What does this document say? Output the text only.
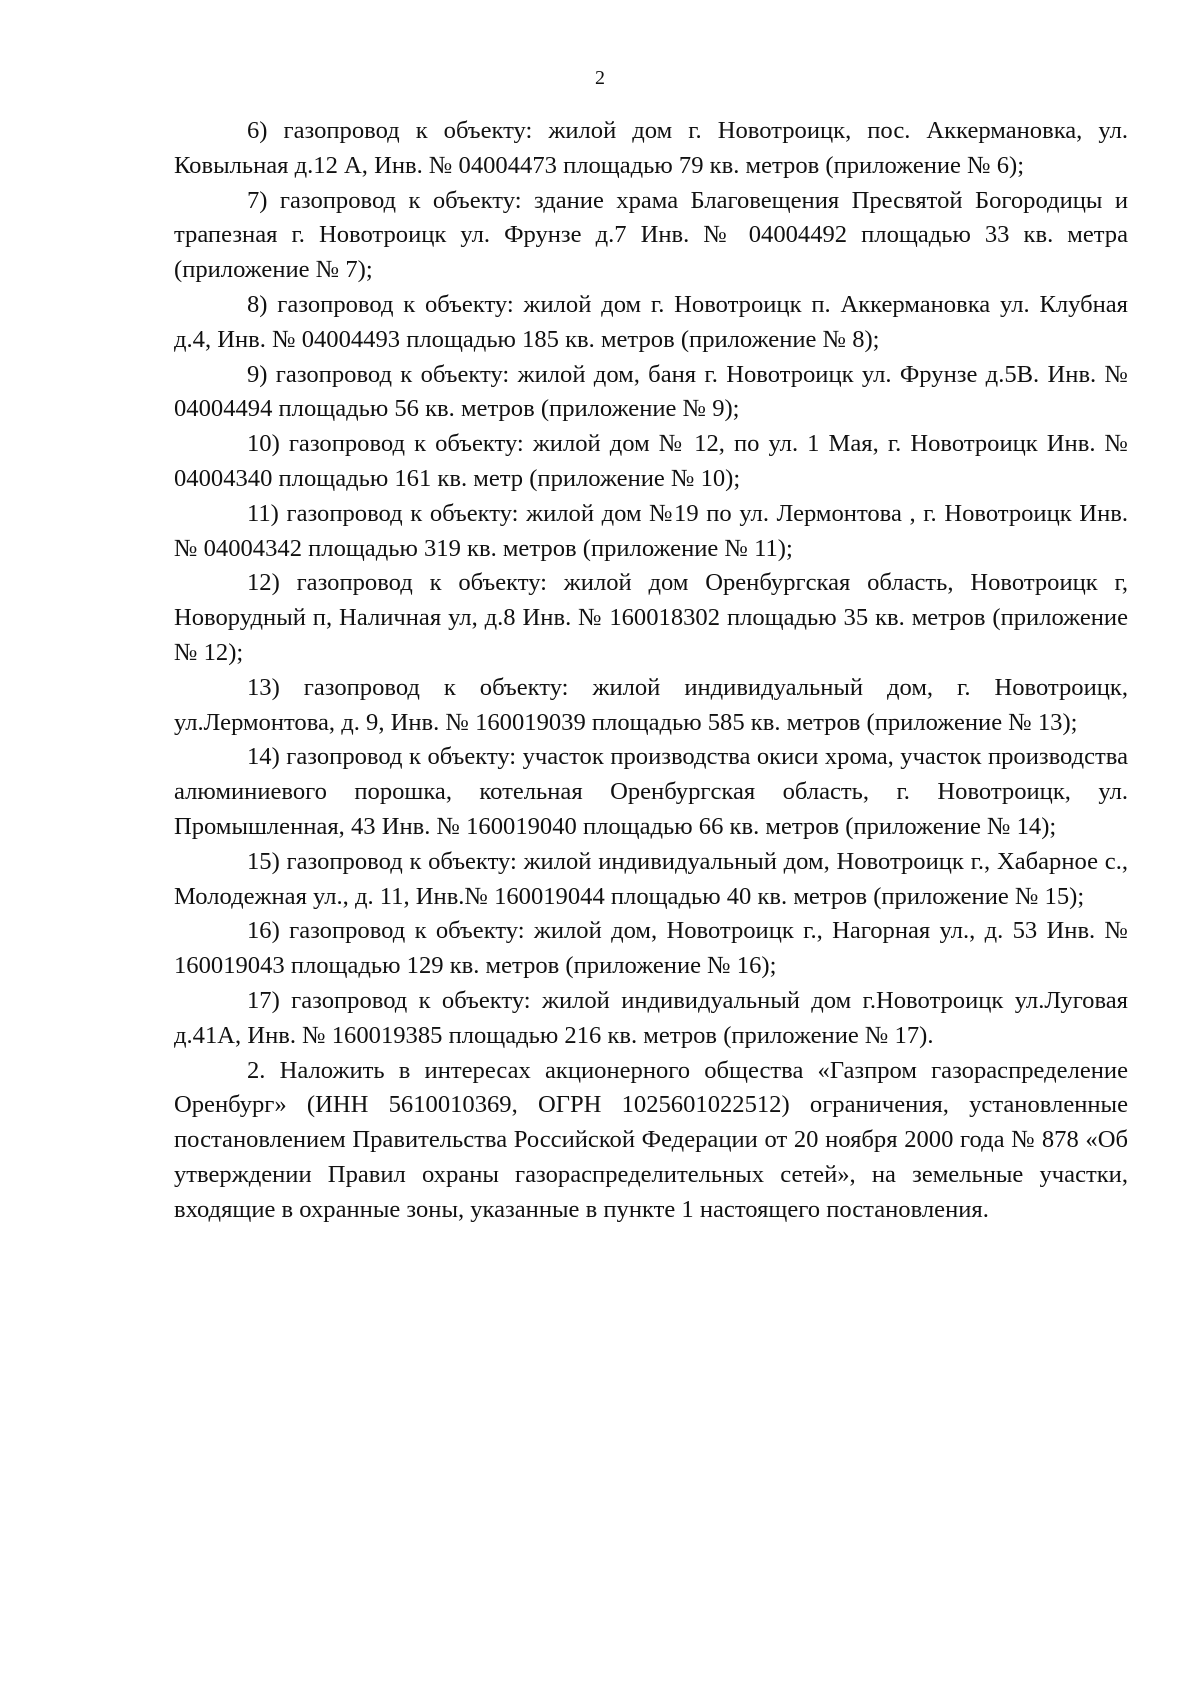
2

6) газопровод к объекту: жилой дом г. Новотроицк, пос. Аккермановка, ул. Ковыльная д.12 А, Инв. № 04004473 площадью 79 кв. метров (приложение № 6);

7) газопровод к объекту: здание храма Благовещения Пресвятой Богородицы и трапезная г. Новотроицк ул. Фрунзе д.7 Инв. № 04004492 площадью 33 кв. метра (приложение № 7);

8) газопровод к объекту: жилой дом г. Новотроицк п. Аккермановка ул. Клубная д.4, Инв. № 04004493 площадью 185 кв. метров (приложение № 8);

9) газопровод к объекту: жилой дом, баня г. Новотроицк ул. Фрунзе д.5В. Инв. № 04004494 площадью 56 кв. метров (приложение № 9);

10) газопровод к объекту: жилой дом № 12, по ул. 1 Мая, г. Новотроицк Инв. № 04004340 площадью 161 кв. метр (приложение № 10);

11) газопровод к объекту: жилой дом №19 по ул. Лермонтова , г. Новотроицк Инв. № 04004342 площадью 319 кв. метров (приложение № 11);

12) газопровод к объекту: жилой дом Оренбургская область, Новотроицк г, Новорудный п, Наличная ул, д.8 Инв. № 160018302 площадью 35 кв. метров (приложение № 12);

13) газопровод к объекту: жилой индивидуальный дом, г. Новотроицк, ул.Лермонтова, д. 9, Инв. № 160019039 площадью 585 кв. метров (приложение № 13);

14) газопровод к объекту: участок производства окиси хрома, участок производства алюминиевого порошка, котельная Оренбургская область, г. Новотроицк, ул. Промышленная, 43 Инв. № 160019040 площадью 66 кв. метров (приложение № 14);

15) газопровод к объекту: жилой индивидуальный дом, Новотроицк г., Хабарное с., Молодежная ул., д. 11, Инв.№ 160019044 площадью 40 кв. метров (приложение № 15);

16) газопровод к объекту: жилой дом, Новотроицк г., Нагорная ул., д. 53 Инв. № 160019043 площадью 129 кв. метров (приложение № 16);

17) газопровод к объекту: жилой индивидуальный дом г.Новотроицк ул.Луговая д.41А, Инв. № 160019385 площадью 216 кв. метров (приложение № 17).

2. Наложить в интересах акционерного общества «Газпром газораспределение Оренбург» (ИНН 5610010369, ОГРН 1025601022512) ограничения, установленные постановлением Правительства Российской Федерации от 20 ноября 2000 года № 878 «Об утверждении Правил охраны газораспределительных сетей», на земельные участки, входящие в охранные зоны, указанные в пункте 1 настоящего постановления.
